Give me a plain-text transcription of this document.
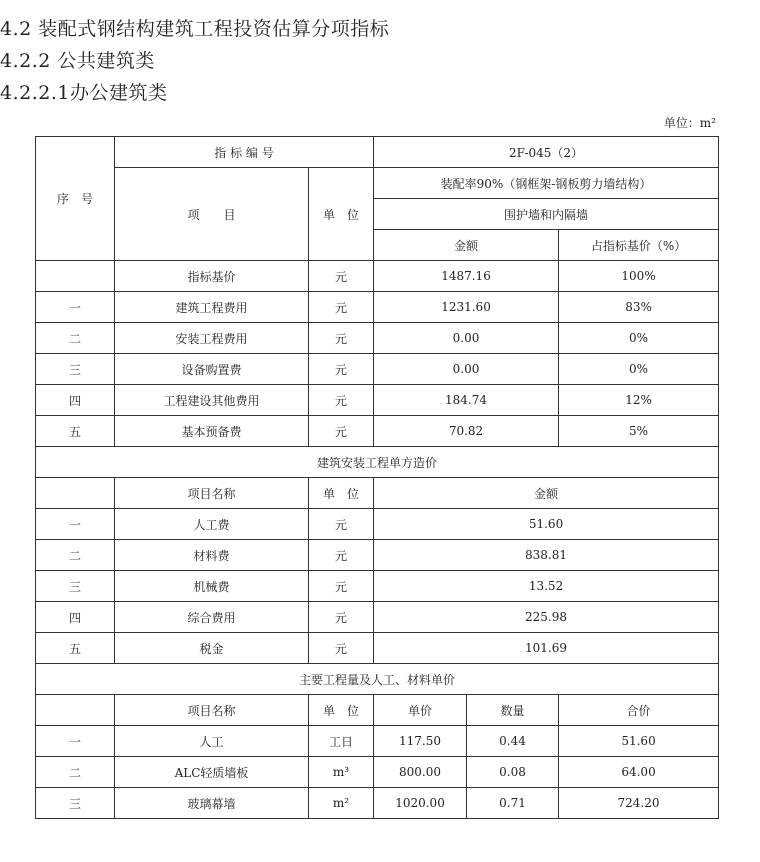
4.2 装配式钢结构建筑工程投资估算分项指标
4.2.2 公共建筑类
4.2.2.1办公建筑类
单位：m²
序　号	指 标 编 号		2F-045（2）		
	项　　目	单　位	装配率90%（钢框架-钢板剪力墙结构）		
			围护墙和内隔墙		
			金额		占指标基价（%）
	指标基价	元	1487.16		100%
一	建筑工程费用	元	1231.60		83%
二	安装工程费用	元	0.00		0%
三	设备购置费	元	0.00		0%
四	工程建设其他费用	元	184.74		12%
五	基本预备费	元	70.82		5%
建筑安装工程单方造价					
	项目名称	单　位	金额		
一	人工费	元	51.60		
二	材料费	元	838.81		
三	机械费	元	13.52		
四	综合费用	元	225.98		
五	税金	元	101.69		
主要工程量及人工、材料单价					
	项目名称	单　位	单价	数量	合价
一	人工	工日	117.50	0.44	51.60
二	ALC轻质墙板	m³	800.00	0.08	64.00
三	玻璃幕墙	m²	1020.00	0.71	724.20
